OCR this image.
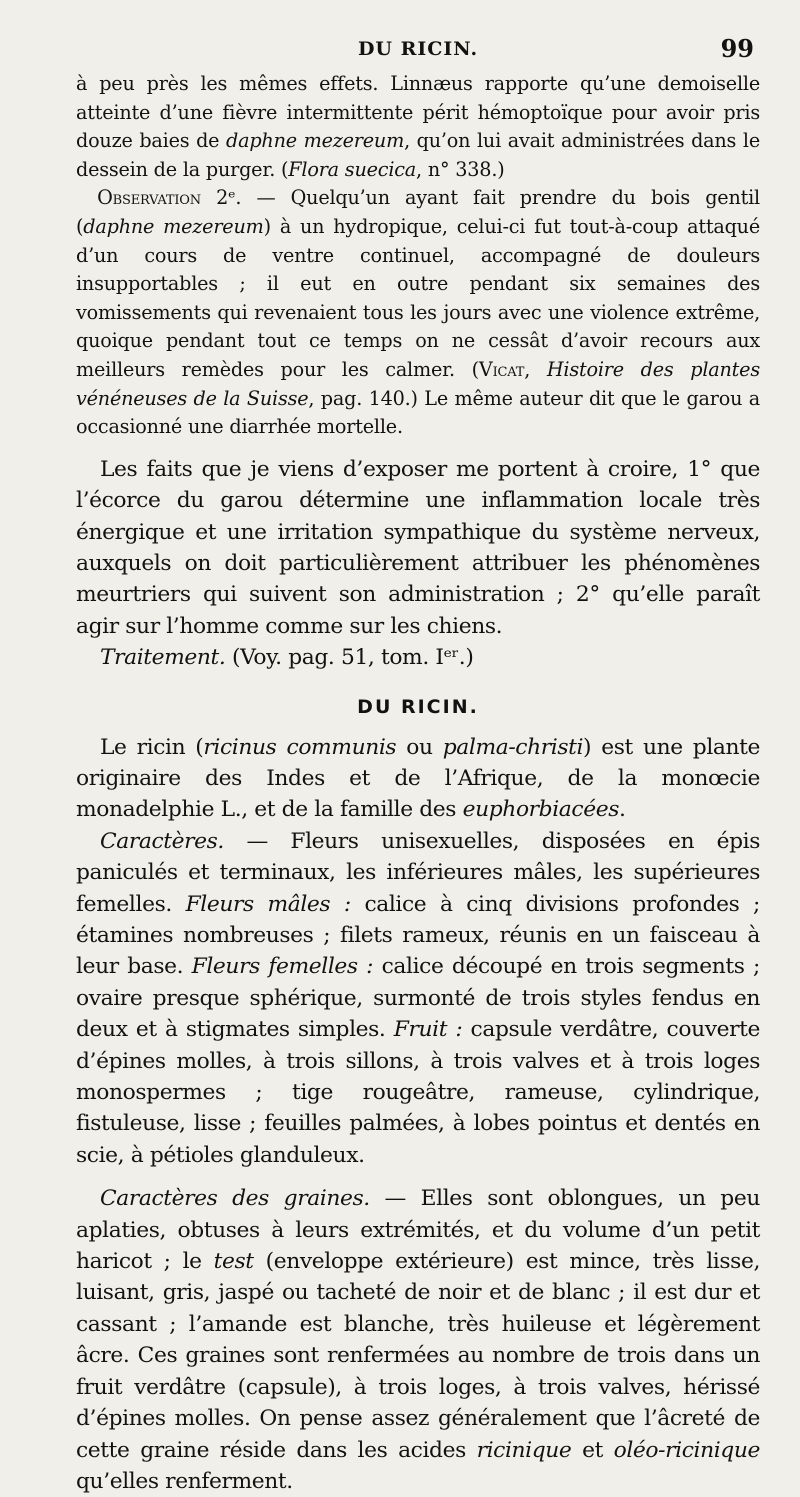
DU RICIN.	99

à peu près les mêmes effets. Linnæus rapporte qu’une demoiselle atteinte d’une fièvre intermittente périt hémoptoïque pour avoir pris douze baies de daphne mezereum, qu’on lui avait administrées dans le dessein de la purger. (Flora suecica, n° 338.)

Observation 2ᵉ. — Quelqu’un ayant fait prendre du bois gentil (daphne mezereum) à un hydropique, celui-ci fut tout-à-coup attaqué d’un cours de ventre continuel, accompagné de douleurs insupportables ; il eut en outre pendant six semaines des vomissements qui revenaient tous les jours avec une violence extrême, quoique pendant tout ce temps on ne cessât d’avoir recours aux meilleurs remèdes pour les calmer. (Vicat, Histoire des plantes vénéneuses de la Suisse, pag. 140.) Le même auteur dit que le garou a occasionné une diarrhée mortelle.

Les faits que je viens d’exposer me portent à croire, 1° que l’écorce du garou détermine une inflammation locale très énergique et une irritation sympathique du système nerveux, auxquels on doit particulièrement attribuer les phénomènes meurtriers qui suivent son administration ; 2° qu’elle paraît agir sur l’homme comme sur les chiens.

Traitement. (Voy. pag. 51, tom. Iᵉʳ.)

DU RICIN.

Le ricin (ricinus communis ou palma-christi) est une plante originaire des Indes et de l’Afrique, de la monœcie monadelphie L., et de la famille des euphorbiacées.

Caractères. — Fleurs unisexuelles, disposées en épis paniculés et terminaux, les inférieures mâles, les supérieures femelles. Fleurs mâles : calice à cinq divisions profondes ; étamines nombreuses ; filets rameux, réunis en un faisceau à leur base. Fleurs femelles : calice découpé en trois segments ; ovaire presque sphérique, surmonté de trois styles fendus en deux et à stigmates simples. Fruit : capsule verdâtre, couverte d’épines molles, à trois sillons, à trois valves et à trois loges monospermes ; tige rougeâtre, rameuse, cylindrique, fistuleuse, lisse ; feuilles palmées, à lobes pointus et dentés en scie, à pétioles glanduleux.

Caractères des graines. — Elles sont oblongues, un peu aplaties, obtuses à leurs extrémités, et du volume d’un petit haricot ; le test (enveloppe extérieure) est mince, très lisse, luisant, gris, jaspé ou tacheté de noir et de blanc ; il est dur et cassant ; l’amande est blanche, très huileuse et légèrement âcre. Ces graines sont renfermées au nombre de trois dans un fruit verdâtre (capsule), à trois loges, à trois valves, hérissé d’épines molles. On pense assez généralement que l’âcreté de cette graine réside dans les acides ricinique et oléo-ricinique qu’elles renferment.
